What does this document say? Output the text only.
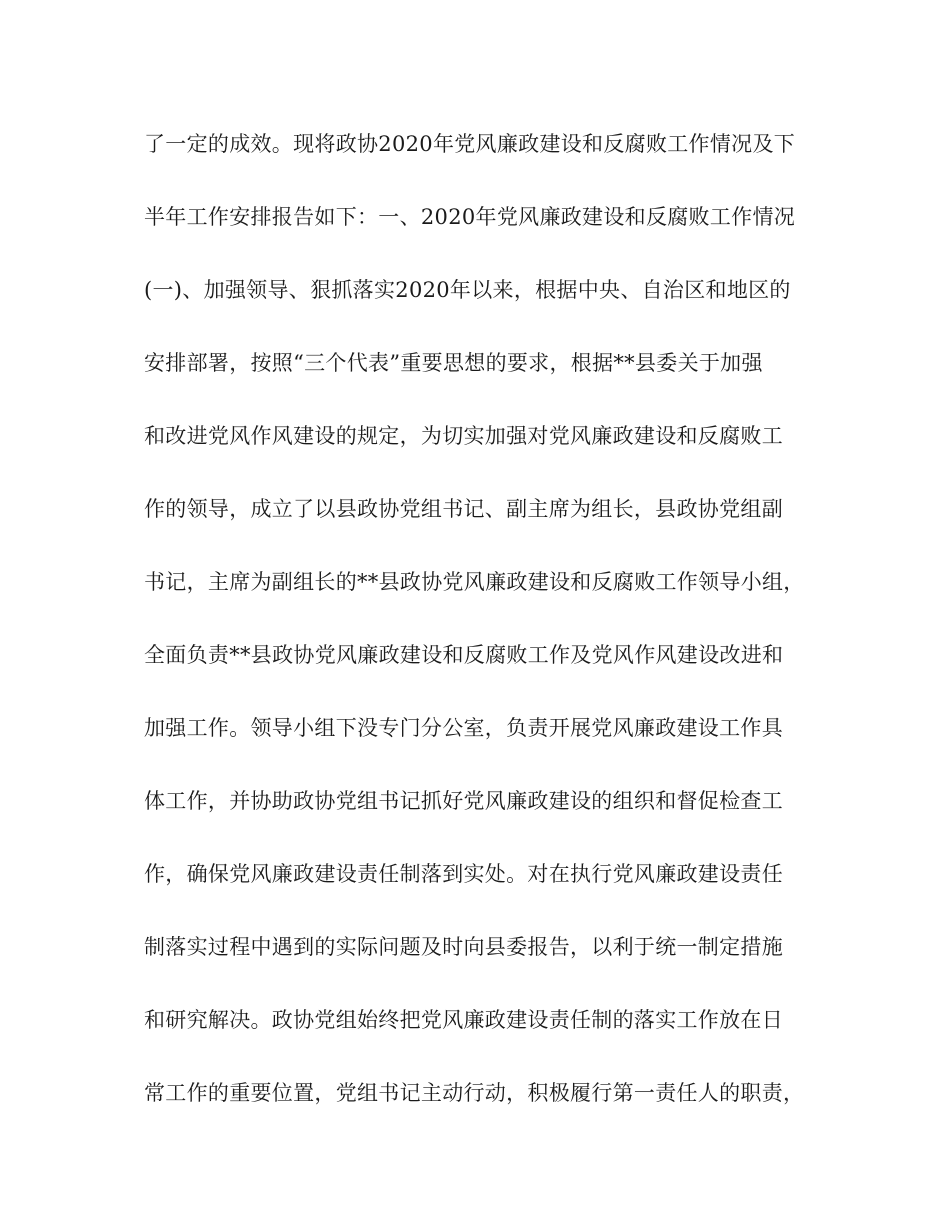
了一定的成效。现将政协2020年党风廉政建设和反腐败工作情况及下
半年工作安排报告如下：一、2020年党风廉政建设和反腐败工作情况
(一)、加强领导、狠抓落实2020年以来，根据中央、自治区和地区的
安排部署，按照“三个代表”重要思想的要求，根据**县委关于加强
和改进党风作风建设的规定，为切实加强对党风廉政建设和反腐败工
作的领导，成立了以县政协党组书记、副主席为组长，县政协党组副
书记，主席为副组长的**县政协党风廉政建设和反腐败工作领导小组，
全面负责**县政协党风廉政建设和反腐败工作及党风作风建设改进和
加强工作。领导小组下没专门分公室，负责开展党风廉政建设工作具
体工作，并协助政协党组书记抓好党风廉政建设的组织和督促检查工
作，确保党风廉政建设责任制落到实处。对在执行党风廉政建设责任
制落实过程中遇到的实际问题及时向县委报告，以利于统一制定措施
和研究解决。政协党组始终把党风廉政建设责任制的落实工作放在日
常工作的重要位置，党组书记主动行动，积极履行第一责任人的职责，
